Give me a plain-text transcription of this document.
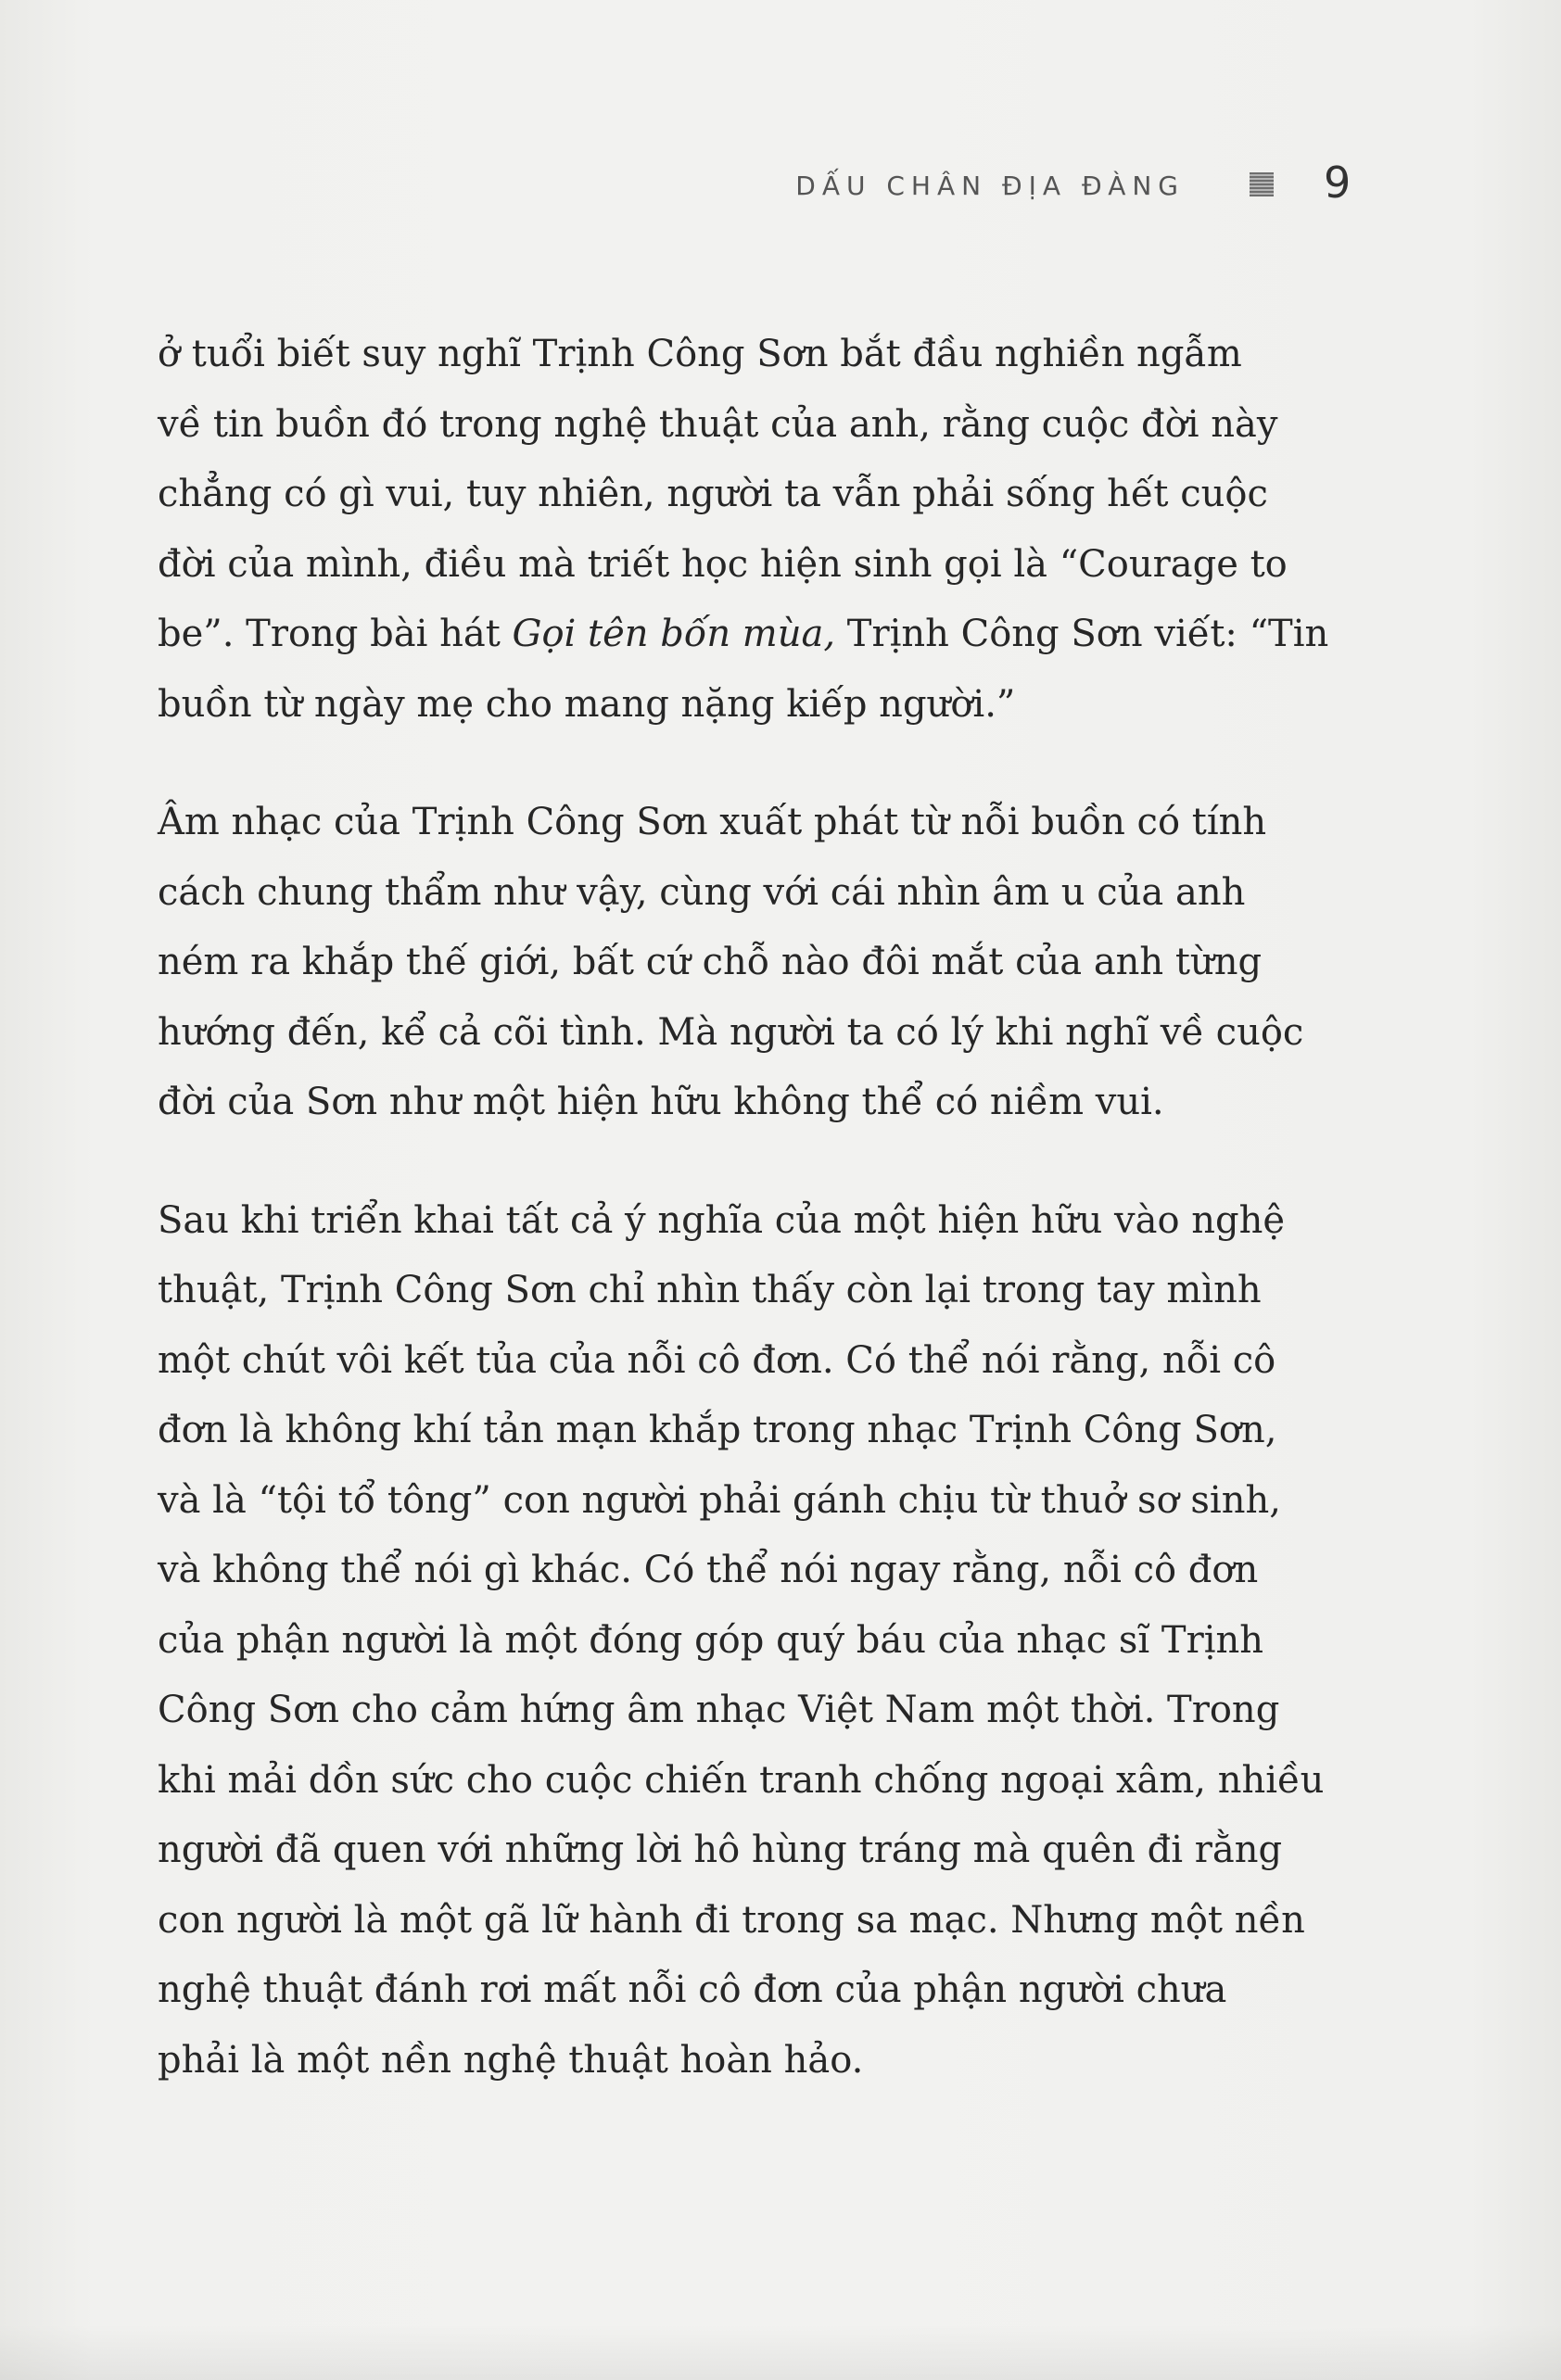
DẤU CHÂN ĐỊA ĐÀNG	9

ở tuổi biết suy nghĩ Trịnh Công Sơn bắt đầu nghiền ngẫm
về tin buồn đó trong nghệ thuật của anh, rằng cuộc đời này
chẳng có gì vui, tuy nhiên, người ta vẫn phải sống hết cuộc
đời của mình, điều mà triết học hiện sinh gọi là “Courage to
be”. Trong bài hát Gọi tên bốn mùa, Trịnh Công Sơn viết: “Tin
buồn từ ngày mẹ cho mang nặng kiếp người.”

Âm nhạc của Trịnh Công Sơn xuất phát từ nỗi buồn có tính
cách chung thẩm như vậy, cùng với cái nhìn âm u của anh
ném ra khắp thế giới, bất cứ chỗ nào đôi mắt của anh từng
hướng đến, kể cả cõi tình. Mà người ta có lý khi nghĩ về cuộc
đời của Sơn như một hiện hữu không thể có niềm vui.

Sau khi triển khai tất cả ý nghĩa của một hiện hữu vào nghệ
thuật, Trịnh Công Sơn chỉ nhìn thấy còn lại trong tay mình
một chút vôi kết tủa của nỗi cô đơn. Có thể nói rằng, nỗi cô
đơn là không khí tản mạn khắp trong nhạc Trịnh Công Sơn,
và là “tội tổ tông” con người phải gánh chịu từ thuở sơ sinh,
và không thể nói gì khác. Có thể nói ngay rằng, nỗi cô đơn
của phận người là một đóng góp quý báu của nhạc sĩ Trịnh
Công Sơn cho cảm hứng âm nhạc Việt Nam một thời. Trong
khi mải dồn sức cho cuộc chiến tranh chống ngoại xâm, nhiều
người đã quen với những lời hô hùng tráng mà quên đi rằng
con người là một gã lữ hành đi trong sa mạc. Nhưng một nền
nghệ thuật đánh rơi mất nỗi cô đơn của phận người chưa
phải là một nền nghệ thuật hoàn hảo.
